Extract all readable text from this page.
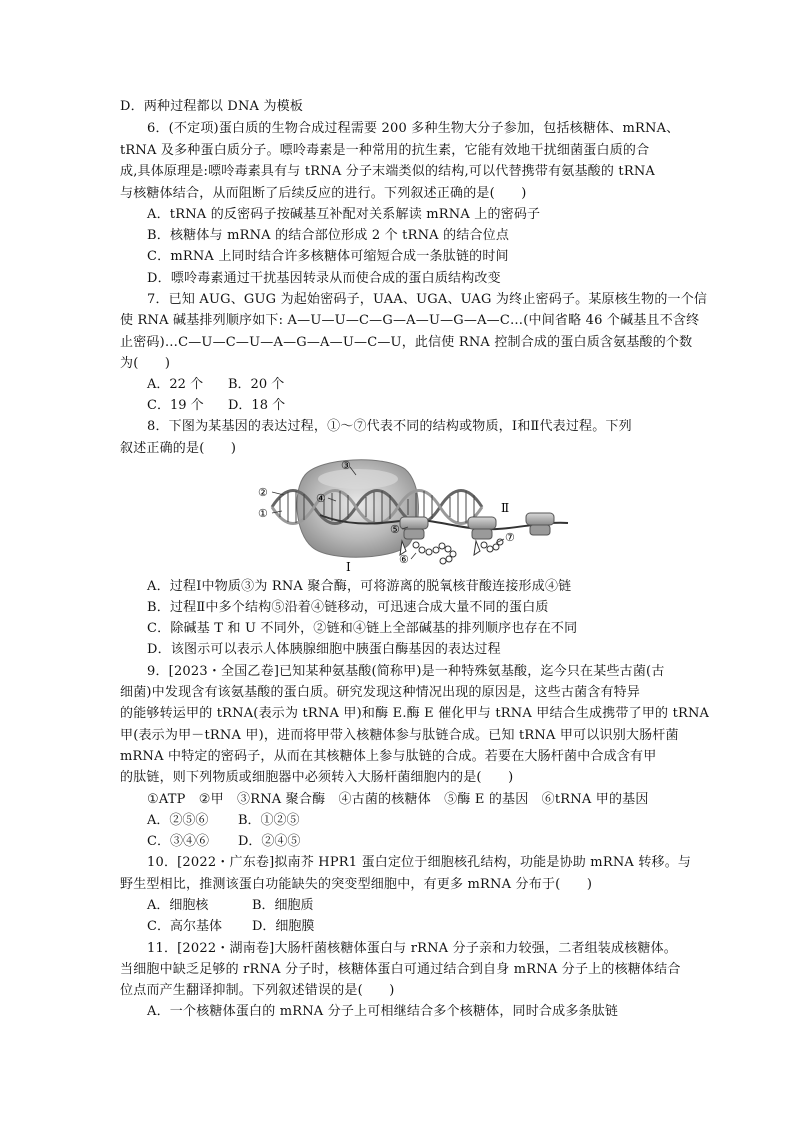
D．两种过程都以 DNA 为模板
6．(不定项)蛋白质的生物合成过程需要 200 多种生物大分子参加，包括核糖体、mRNA、
tRNA 及多种蛋白质分子。嘌呤毒素是一种常用的抗生素，它能有效地干扰细菌蛋白质的合
成,具体原理是:嘌呤毒素具有与 tRNA 分子末端类似的结构,可以代替携带有氨基酸的 tRNA
与核糖体结合，从而阻断了后续反应的进行。下列叙述正确的是(　　)
A．tRNA 的反密码子按碱基互补配对关系解读 mRNA 上的密码子
B．核糖体与 mRNA 的结合部位形成 2 个 tRNA 的结合位点
C．mRNA 上同时结合许多核糖体可缩短合成一条肽链的时间
D．嘌呤毒素通过干扰基因转录从而使合成的蛋白质结构改变
7．已知 AUG、GUG 为起始密码子，UAA、UGA、UAG 为终止密码子。某原核生物的一个信
使 RNA 碱基排列顺序如下: A—U—U—C—G—A—U—G—A—C…(中间省略 46 个碱基且不含终
止密码)…C—U—C—U—A—G—A—U—C—U，此信使 RNA 控制合成的蛋白质含氨基酸的个数
为(　　)
A．22 个 B．20 个
C．19 个 D．18 个
8．下图为某基因的表达过程，①～⑦代表不同的结构或物质，Ⅰ和Ⅱ代表过程。下列
叙述正确的是(　　)
②
①
③
④
⑤
⑥
⑦
Ⅰ
Ⅱ
A．过程Ⅰ中物质③为 RNA 聚合酶，可将游离的脱氧核苷酸连接形成④链
B．过程Ⅱ中多个结构⑤沿着④链移动，可迅速合成大量不同的蛋白质
C．除碱基 T 和 U 不同外，②链和④链上全部碱基的排列顺序也存在不同
D．该图示可以表示人体胰腺细胞中胰蛋白酶基因的表达过程
9．[2023・全国乙卷]已知某种氨基酸(简称甲)是一种特殊氨基酸，迄今只在某些古菌(古
细菌)中发现含有该氨基酸的蛋白质。研究发现这种情况出现的原因是，这些古菌含有特异
的能够转运甲的 tRNA(表示为 tRNA 甲)和酶 E.酶 E 催化甲与 tRNA 甲结合生成携带了甲的 tRNA
甲(表示为甲－tRNA 甲)，进而将甲带入核糖体参与肽链合成。已知 tRNA 甲可以识别大肠杆菌
mRNA 中特定的密码子，从而在其核糖体上参与肽链的合成。若要在大肠杆菌中合成含有甲
的肽链，则下列物质或细胞器中必须转入大肠杆菌细胞内的是(　　)
①ATP　②甲　③RNA 聚合酶　④古菌的核糖体　⑤酶 E 的基因　⑥tRNA 甲的基因
A．②⑤⑥ B．①②⑤
C．③④⑥ D．②④⑤
10．[2022・广东卷]拟南芥 HPR1 蛋白定位于细胞核孔结构，功能是协助 mRNA 转移。与
野生型相比，推测该蛋白功能缺失的突变型细胞中，有更多 mRNA 分布于(　　)
A．细胞核	B．细胞质
C．高尔基体 D．细胞膜
11．[2022・湖南卷]大肠杆菌核糖体蛋白与 rRNA 分子亲和力较强，二者组装成核糖体。
当细胞中缺乏足够的 rRNA 分子时，核糖体蛋白可通过结合到自身 mRNA 分子上的核糖体结合
位点而产生翻译抑制。下列叙述错误的是(　　)
A．一个核糖体蛋白的 mRNA 分子上可相继结合多个核糖体，同时合成多条肽链
